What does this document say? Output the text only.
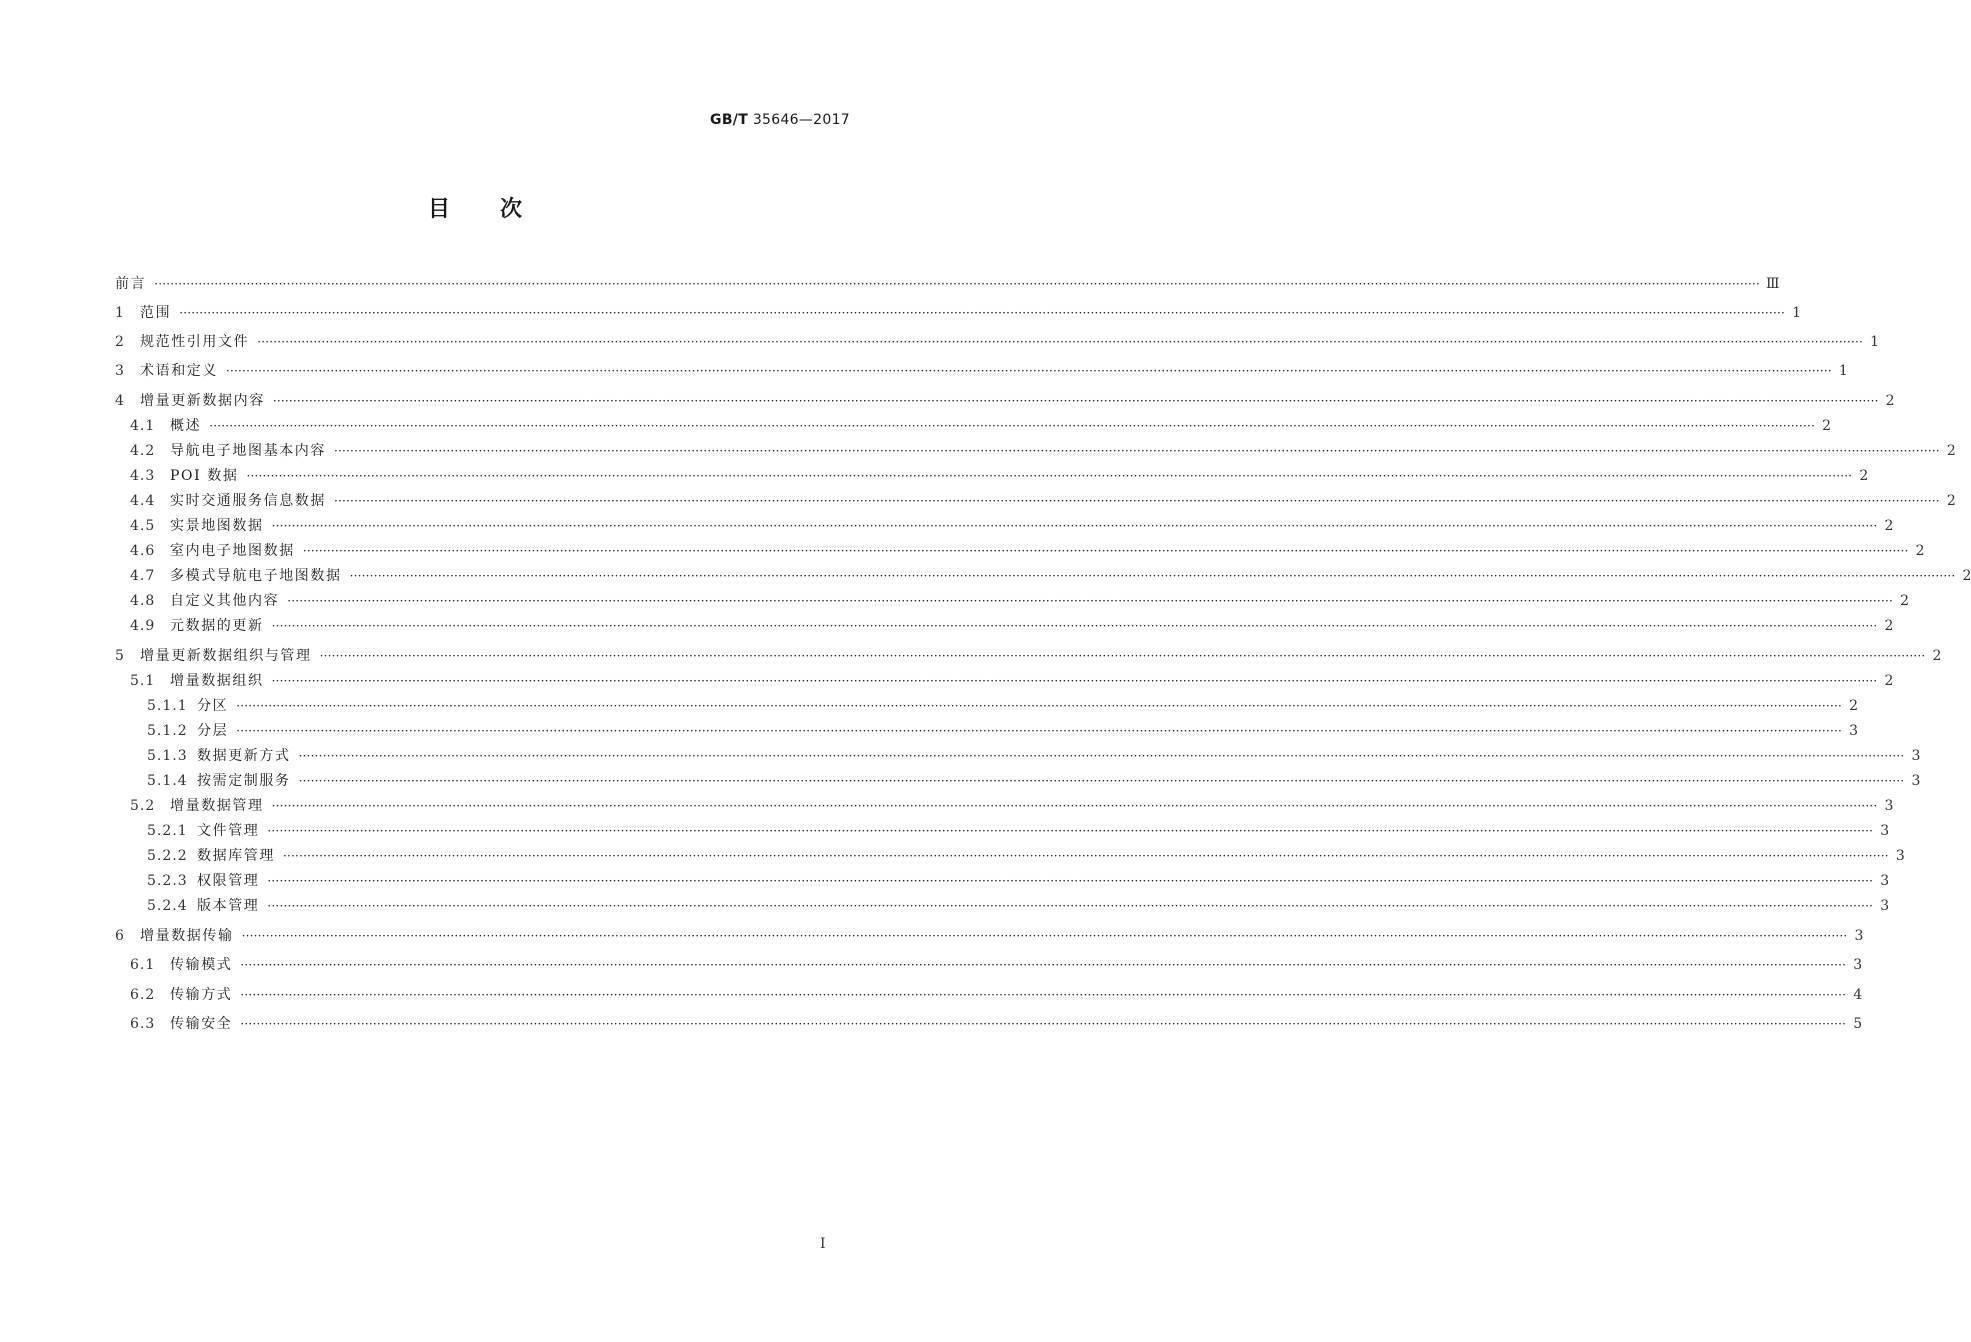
GB/T 35646—2017
目次
前言 ················································································································································································································································································································································································································ Ⅲ
1	范围 ················································································································································································································································································································································································································ 1
2	规范性引用文件 ················································································································································································································································································································································································································ 1
3	术语和定义 ················································································································································································································································································································································································································ 1
4	增量更新数据内容 ················································································································································································································································································································································································································ 2
4.1	概述 ················································································································································································································································································································································································································ 2
4.2	导航电子地图基本内容 ················································································································································································································································································································································································································ 2
4.3	POI 数据 ················································································································································································································································································································································································································ 2
4.4	实时交通服务信息数据 ················································································································································································································································································································································································································ 2
4.5	实景地图数据 ················································································································································································································································································································································································································ 2
4.6	室内电子地图数据 ················································································································································································································································································································································································································ 2
4.7	多模式导航电子地图数据 ················································································································································································································································································································································································································ 2
4.8	自定义其他内容 ················································································································································································································································································································································································································ 2
4.9	元数据的更新 ················································································································································································································································································································································································································ 2
5	增量更新数据组织与管理 ················································································································································································································································································································································································································ 2
5.1	增量数据组织 ················································································································································································································································································································································································································ 2
5.1.1 分区 ················································································································································································································································································································································································································ 2
5.1.2 分层 ················································································································································································································································································································································································································ 3
5.1.3 数据更新方式 ················································································································································································································································································································································································································ 3
5.1.4 按需定制服务 ················································································································································································································································································································································································································ 3
5.2	增量数据管理 ················································································································································································································································································································································································································ 3
5.2.1 文件管理 ················································································································································································································································································································································································································ 3
5.2.2 数据库管理 ················································································································································································································································································································································································································ 3
5.2.3 权限管理 ················································································································································································································································································································································································································ 3
5.2.4 版本管理 ················································································································································································································································································································································································································ 3
6	增量数据传输 ················································································································································································································································································································································································································ 3
6.1	传输模式 ················································································································································································································································································································································································································ 3
6.2	传输方式 ················································································································································································································································································································································································································ 4
6.3	传输安全 ················································································································································································································································································································································································································ 5
Ⅰ
